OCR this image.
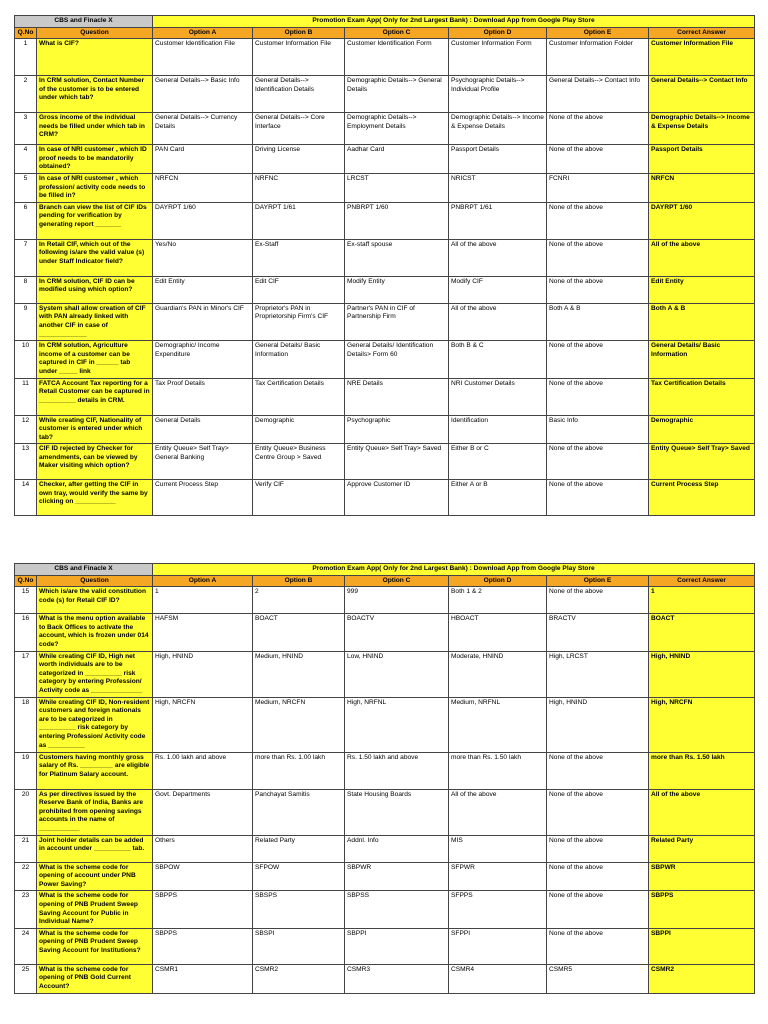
CBS and Finacle X		Promotion Exam App( Only for 2nd Largest Bank) : Download App from Google Play Store					
Q.No	Question	Option A	Option B	Option C	Option D	Option E	Correct Answer
1	What is CIF?	Customer Identification File	Customer Information File	Customer Identification Form	Customer Information Form	Customer Information Folder	Customer Information File
2	In CRM solution, Contact Number of the customer is to be entered under which tab?	General Details--> Basic Info	General Details--> Identification Details	Demographic Details--> General Details	Psychographic Details--> Individual Profile	General Details--> Contact Info	General Details--> Contact Info
3	Gross income of the individual needs be filled under which tab in CRM?	General Details--> Currency Details	General Details--> Core Interface	Demographic Details--> Employment Details	Demographic Details--> Income & Expense Details	None of the above	Demographic Details--> Income & Expense Details
4	In case of NRI customer , which ID proof needs to be mandatorily obtained?	PAN Card	Driving License	Aadhar Card	Passport Details	None of the above	Passport Details
5	In case of NRI customer , which profession/ activity code needs to be filled in?	NRFCN	NRFNC	LRCST	NRICST	FCNRI	NRFCN
6	Branch can view the list of CIF IDs pending for verification by generating report _______	DAYRPT 1/60	DAYRPT 1/61	PNBRPT 1/60	PNBRPT 1/61	None of the above	DAYRPT 1/60
7	In Retail CIF, which out of the following is/are the valid value (s) under Staff Indicator field?	Yes/No	Ex-Staff	Ex-staff spouse	All of the above	None of the above	All of the above
8	In CRM solution, CIF ID can be modified using which option?	Edit Entity	Edit CIF	Modify Entity	Modify CIF	None of the above	Edit Entity
9	System shall allow creation of CIF with PAN already linked with another CIF in case of _____________	Guardian's PAN in Minor's CIF	Proprietor's PAN in Proprietorship Firm's CIF	Partner's PAN in CIF of Partnership Firm	All of the above	Both A & B	Both A & B
10	In CRM solution, Agriculture income of a customer can be captured in CIF in ______ tab under _____ link	Demographic/ Income Expenditure	General Details/ Basic Information	General Details/ Identification Details> Form 60	Both B & C	None of the above	General Details/ Basic Information
11	FATCA Account Tax reporting for a Retail Customer can be captured in __________ details in CRM.	Tax Proof Details	Tax Certification Details	NRE Details	NRI Customer Details	None of the above	Tax Certification Details
12	While creating CIF, Nationality of customer is entered under which tab?	General Details	Demographic	Psychographic	Identification	Basic Info	Demographic
13	CIF ID rejected by Checker for amendments, can be viewed by Maker visiting which option?	Entity Queue> Self Tray> General Banking	Entity Queue> Business Centre Group > Saved	Entity Queue> Self Tray> Saved	Either B or C	None of the above	Entity Queue> Self Tray> Saved
14	Checker, after getting the CIF in own tray, would verify the same by clicking on ___________	Current Process Step	Verify CIF	Approve Customer ID	Either A or B	None of the above	Current Process Step
CBS and Finacle X		Promotion Exam App( Only for 2nd Largest Bank) : Download App from Google Play Store					
Q.No	Question	Option A	Option B	Option C	Option D	Option E	Correct Answer
15	Which is/are the valid constitution code (s) for Retail CIF ID?	1	2	999	Both 1 & 2	None of the above	1
16	What is the menu option available to Back Offices to activate the account, which is frozen under 014 code?	HAFSM	BOACT	BOACTV	HBOACT	BRACTV	BOACT
17	While creating CIF ID, High net worth individuals are to be categorized in __________ risk category by entering Profession/ Activity code as ______________	High, HNIND	Medium, HNIND	Low, HNIND	Moderate, HNIND	High, LRCST	High, HNIND
18	While creating CIF ID, Non-resident customers and foreign nationals are to be categorized in __________ risk category by entering Profession/ Activity code as __________	High, NRCFN	Medium, NRCFN	High, NRFNL	Medium, NRFNL	High, HNIND	High, NRCFN
19	Customers having monthly gross salary of Rs. _________ are eligible for Platinum Salary account.	Rs. 1.00 lakh and above	more than Rs. 1.00 lakh	Rs. 1.50 lakh and above	more than Rs. 1.50 lakh	None of the above	more than Rs. 1.50 lakh
20	As per directives issued by the Reserve Bank of India, Banks are prohibited from opening savings accounts in the name of ___________	Govt. Departments	Panchayat Samitis	State Housing Boards	All of the above	None of the above	All of the above
21	Joint holder details can be added in account under __________ tab.	Others	Related Party	Addnl. Info	MIS	None of the above	Related Party
22	What is the scheme code for opening of account under PNB Power Saving?	SBPOW	SFPOW	SBPWR	SFPWR	None of the above	SBPWR
23	What is the scheme code for opening of PNB Prudent Sweep Saving Account for Public in Individual Name?	SBPPS	SBSPS	SBPSS	SFPPS	None of the above	SBPPS
24	What is the scheme code for opening of PNB Prudent Sweep Saving Account for Institutions?	SBPPS	SBSPI	SBPPI	SFPPI	None of the above	SBPPI
25	What is the scheme code for opening of PNB Gold Current Account?	CSMR1	CSMR2	CSMR3	CSMR4	CSMR5	CSMR2
